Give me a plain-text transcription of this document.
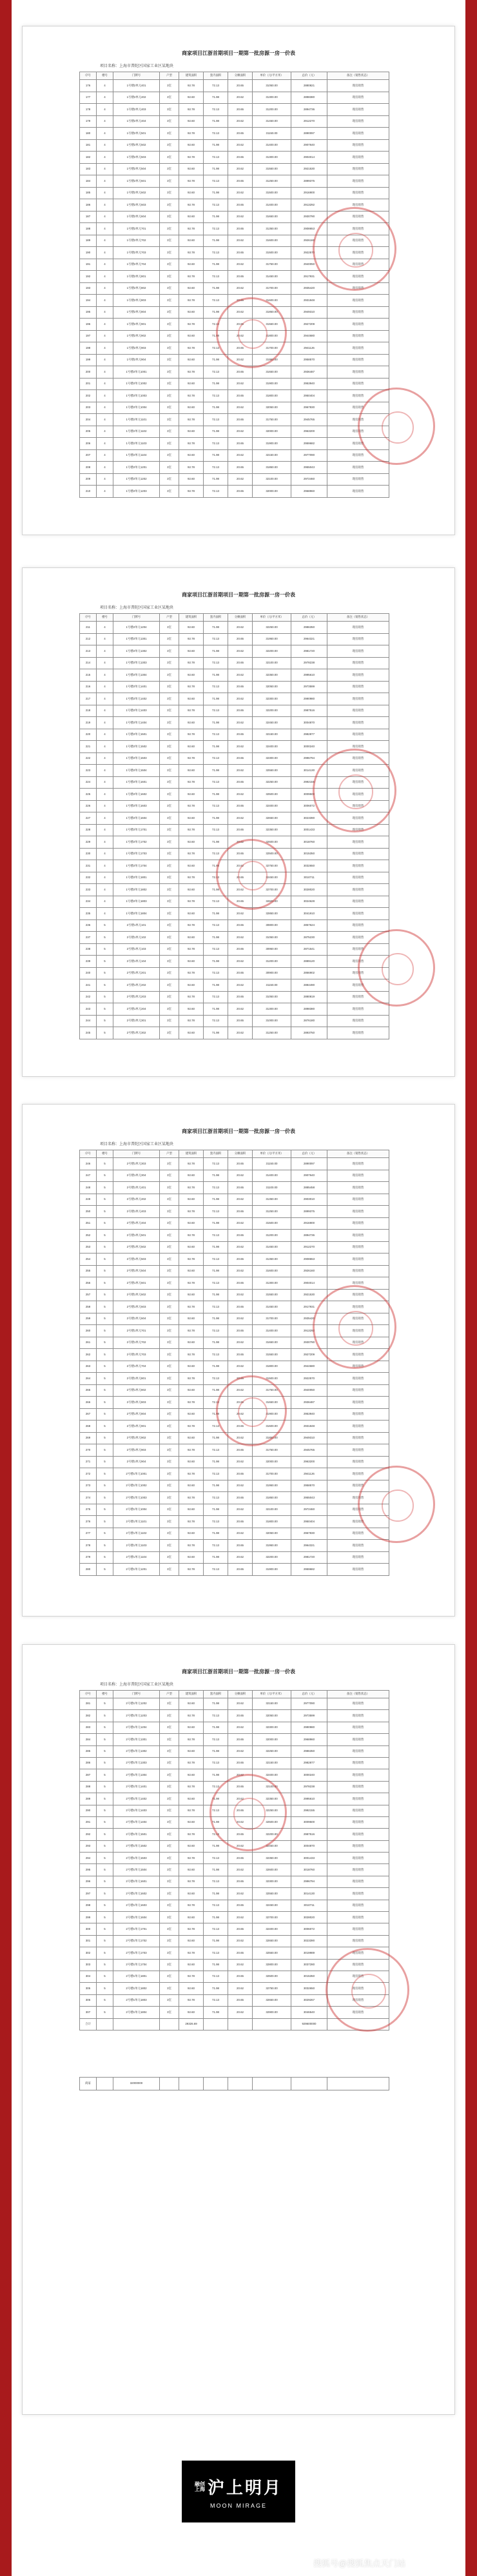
商家项目江浙首期项目一期第一批房源一房一价表
项目名称：上海市普陀区国家工业区某地块
序号	楼号	门牌号	户型	建筑面积	套内面积	分摊面积	单价（元/平方米）	总价（元）	备注（销售状态）
176	4	1号楼2单元401	3室	92.78	72.13	20.65	31050.00	2880821	现房销售
177	4	1号楼2单元402	3室	92.60	71.98	20.62	31300.00	2898380	现房销售
178	4	1号楼2单元403	3室	92.78	72.13	20.65	31200.00	2894736	现房销售
179	4	1号楼2单元404	3室	92.60	71.98	20.62	31450.00	2912270	现房销售
180	4	1号楼2单元501	3室	92.78	72.13	20.65	31150.00	2890097	现房销售
181	4	1号楼2单元502	3室	92.60	71.98	20.62	31400.00	2907640	现房销售
182	4	1号楼2单元503	3室	92.78	72.13	20.65	31300.00	2904014	现房销售
183	4	1号楼2单元504	3室	92.60	71.98	20.62	31550.00	2921530	现房销售
184	4	1号楼2单元601	3室	92.78	72.13	20.65	31250.00	2899375	现房销售
185	4	1号楼2单元602	3室	92.60	71.98	20.62	31500.00	2916900	现房销售
186	4	1号楼2单元603	3室	92.78	72.13	20.65	31400.00	2913292	现房销售
187	4	1号楼2单元604	3室	92.60	71.98	20.62	31650.00	2930790	现房销售
188	4	1号楼2单元701	3室	92.78	72.13	20.65	31350.00	2908653	现房销售
189	4	1号楼2单元702	3室	92.60	71.98	20.62	31600.00	2926160	现房销售
190	4	1号楼2单元703	3室	92.78	72.13	20.65	31500.00	2922570	现房销售
191	4	1号楼2单元704	3室	92.60	71.98	20.62	31750.00	2940050	现房销售
192	4	1号楼2单元801	3室	92.78	72.13	20.65	31450.00	2917931	现房销售
193	4	1号楼2单元802	3室	92.60	71.98	20.62	31700.00	2935420	现房销售
194	4	1号楼2单元803	3室	92.78	72.13	20.65	31600.00	2931848	现房销售
195	4	1号楼2单元804	3室	92.60	71.98	20.62	31850.00	2949310	现房销售
196	4	1号楼2单元901	3室	92.78	72.13	20.65	31550.00	2927209	现房销售
197	4	1号楼2单元902	3室	92.60	71.98	20.62	31800.00	2944680	现房销售
198	4	1号楼2单元903	3室	92.78	72.13	20.65	31700.00	2941126	现房销售
199	4	1号楼2单元904	3室	92.60	71.98	20.62	31950.00	2958570	现房销售
200	4	1号楼2单元1001	3室	92.78	72.13	20.65	31650.00	2936487	现房销售
201	4	1号楼2单元1002	3室	92.60	71.98	20.62	31900.00	2953940	现房销售
202	4	1号楼2单元1003	3室	92.78	72.13	20.65	31800.00	2950404	现房销售
203	4	1号楼2单元1004	3室	92.60	71.98	20.62	32050.00	2967830	现房销售
204	4	1号楼2单元1101	3室	92.78	72.13	20.65	31750.00	2945765	现房销售
205	4	1号楼2单元1102	3室	92.60	71.98	20.62	32000.00	2963200	现房销售
206	4	1号楼2单元1103	3室	92.78	72.13	20.65	31900.00	2959682	现房销售
207	4	1号楼2单元1104	3室	92.60	71.98	20.62	32150.00	2977090	现房销售
208	4	1号楼2单元1201	3室	92.78	72.13	20.65	31850.00	2955043	现房销售
209	4	1号楼2单元1202	3室	92.60	71.98	20.62	32100.00	2972460	现房销售
210	4	1号楼2单元1203	3室	92.78	72.13	20.65	32000.00	2968960	现房销售
商家项目江浙首期项目一期第一批房源一房一价表
项目名称：上海市普陀区国家工业区某地块
序号	楼号	门牌号	户型	建筑面积	套内面积	分摊面积	单价（元/平方米）	总价（元）	备注（销售状态）
211	4	1号楼2单元1204	3室	92.60	71.98	20.62	32250.00	2986350	现房销售
212	4	1号楼2单元1301	3室	92.78	72.13	20.65	31950.00	2964321	现房销售
213	4	1号楼2单元1302	3室	92.60	71.98	20.62	32200.00	2981720	现房销售
214	4	1号楼2单元1303	3室	92.78	72.13	20.65	32100.00	2978238	现房销售
215	4	1号楼2单元1304	3室	92.60	71.98	20.62	32350.00	2995610	现房销售
216	4	1号楼2单元1401	3室	92.78	72.13	20.65	32050.00	2973599	现房销售
217	4	1号楼2单元1402	3室	92.60	71.98	20.62	32300.00	2990980	现房销售
218	4	1号楼2单元1403	3室	92.78	72.13	20.65	32200.00	2987516	现房销售
219	4	1号楼2单元1404	3室	92.60	71.98	20.62	32450.00	3004870	现房销售
220	4	1号楼2单元1501	3室	92.78	72.13	20.65	32150.00	2982877	现房销售
221	4	1号楼2单元1502	3室	92.60	71.98	20.62	32400.00	3000240	现房销售
222	4	1号楼2单元1503	3室	92.78	72.13	20.65	32300.00	2996794	现房销售
223	4	1号楼2单元1504	3室	92.60	71.98	20.62	32550.00	3014130	现房销售
224	4	1号楼2单元1601	3室	92.78	72.13	20.65	32250.00	2992155	现房销售
225	4	1号楼2单元1602	3室	92.60	71.98	20.62	32500.00	3009500	现房销售
226	4	1号楼2单元1603	3室	92.78	72.13	20.65	32400.00	3006072	现房销售
227	4	1号楼2单元1604	3室	92.60	71.98	20.62	32650.00	3023390	现房销售
228	4	1号楼2单元1701	3室	92.78	72.13	20.65	32350.00	3001433	现房销售
229	4	1号楼2单元1702	3室	92.60	71.98	20.62	32600.00	3018760	现房销售
230	4	1号楼2单元1703	3室	92.78	72.13	20.65	32500.00	3015350	现房销售
231	4	1号楼2单元1704	3室	92.60	71.98	20.62	32750.00	3032650	现房销售
232	4	1号楼2单元1801	3室	92.78	72.13	20.65	32450.00	3010711	现房销售
233	4	1号楼2单元1802	3室	92.60	71.98	20.62	32700.00	3028020	现房销售
234	4	1号楼2单元1803	3室	92.78	72.13	20.65	32600.00	3024628	现房销售
235	4	1号楼2单元1804	3室	92.60	71.98	20.62	32850.00	3041910	现房销售
236	5	2号楼1单元101	3室	92.78	72.13	20.65	30800.00	2857624	现房销售
237	5	2号楼1单元102	3室	92.60	71.98	20.62	31050.00	2875230	现房销售
238	5	2号楼1单元103	3室	92.78	72.13	20.65	30950.00	2871541	现房销售
239	5	2号楼1单元104	3室	92.60	71.98	20.62	31200.00	2889120	现房销售
240	5	2号楼1单元201	3室	92.78	72.13	20.65	30900.00	2866902	现房销售
241	5	2号楼1单元202	3室	92.60	71.98	20.62	31150.00	2884490	现房销售
242	5	2号楼1单元203	3室	92.78	72.13	20.65	31050.00	2880819	现房销售
243	5	2号楼1单元204	3室	92.60	71.98	20.62	31300.00	2898380	现房销售
244	5	2号楼1单元301	3室	92.78	72.13	20.65	31000.00	2876180	现房销售
245	5	2号楼1单元302	3室	92.60	71.98	20.62	31250.00	2893750	现房销售
商家项目江浙首期项目一期第一批房源一房一价表
项目名称：上海市普陀区国家工业区某地块
序号	楼号	门牌号	户型	建筑面积	套内面积	分摊面积	单价（元/平方米）	总价（元）	备注（销售状态）
246	5	2号楼1单元303	3室	92.78	72.13	20.65	31150.00	2890097	现房销售
247	5	2号楼1单元304	3室	92.60	71.98	20.62	31400.00	2907640	现房销售
248	5	2号楼1单元401	3室	92.78	72.13	20.65	31100.00	2885458	现房销售
249	5	2号楼1单元402	3室	92.60	71.98	20.62	31350.00	2903010	现房销售
250	5	2号楼1单元403	3室	92.78	72.13	20.65	31250.00	2899375	现房销售
251	5	2号楼1单元404	3室	92.60	71.98	20.62	31500.00	2916900	现房销售
252	5	2号楼1单元501	3室	92.78	72.13	20.65	31200.00	2894736	现房销售
253	5	2号楼1单元502	3室	92.60	71.98	20.62	31450.00	2912270	现房销售
254	5	2号楼1单元503	3室	92.78	72.13	20.65	31350.00	2908653	现房销售
255	5	2号楼1单元504	3室	92.60	71.98	20.62	31600.00	2926160	现房销售
256	5	2号楼1单元601	3室	92.78	72.13	20.65	31300.00	2904014	现房销售
257	5	2号楼1单元602	3室	92.60	71.98	20.62	31550.00	2921530	现房销售
258	5	2号楼1单元603	3室	92.78	72.13	20.65	31450.00	2917931	现房销售
259	5	2号楼1单元604	3室	92.60	71.98	20.62	31700.00	2935420	现房销售
260	5	2号楼1单元701	3室	92.78	72.13	20.65	31400.00	2913292	现房销售
261	5	2号楼1单元702	3室	92.60	71.98	20.62	31650.00	2930790	现房销售
262	5	2号楼1单元703	3室	92.78	72.13	20.65	31550.00	2927209	现房销售
263	5	2号楼1单元704	3室	92.60	71.98	20.62	31800.00	2944680	现房销售
264	5	2号楼1单元801	3室	92.78	72.13	20.65	31500.00	2922570	现房销售
265	5	2号楼1单元802	3室	92.60	71.98	20.62	31750.00	2940050	现房销售
266	5	2号楼1单元803	3室	92.78	72.13	20.65	31650.00	2936487	现房销售
267	5	2号楼1单元804	3室	92.60	71.98	20.62	31900.00	2953940	现房销售
268	5	2号楼1单元901	3室	92.78	72.13	20.65	31600.00	2931848	现房销售
269	5	2号楼1单元902	3室	92.60	71.98	20.62	31850.00	2949310	现房销售
270	5	2号楼1单元903	3室	92.78	72.13	20.65	31750.00	2945765	现房销售
271	5	2号楼1单元904	3室	92.60	71.98	20.62	32000.00	2963200	现房销售
272	5	2号楼1单元1001	3室	92.78	72.13	20.65	31700.00	2941126	现房销售
273	5	2号楼1单元1002	3室	92.60	71.98	20.62	31950.00	2958570	现房销售
274	5	2号楼1单元1003	3室	92.78	72.13	20.65	31850.00	2955043	现房销售
275	5	2号楼1单元1004	3室	92.60	71.98	20.62	32100.00	2972460	现房销售
276	5	2号楼1单元1101	3室	92.78	72.13	20.65	31800.00	2950404	现房销售
277	5	2号楼1单元1102	3室	92.60	71.98	20.62	32050.00	2967830	现房销售
278	5	2号楼1单元1103	3室	92.78	72.13	20.65	31950.00	2964321	现房销售
279	5	2号楼1单元1104	3室	92.60	71.98	20.62	32200.00	2981720	现房销售
280	5	2号楼1单元1201	3室	92.78	72.13	20.65	31900.00	2959682	现房销售
商家项目江浙首期项目一期第一批房源一房一价表
项目名称：上海市普陀区国家工业区某地块
序号	楼号	门牌号	户型	建筑面积	套内面积	分摊面积	单价（元/平方米）	总价（元）	备注（销售状态）
281	5	2号楼1单元1202	3室	92.60	71.98	20.62	32150.00	2977090	现房销售
282	5	2号楼1单元1203	3室	92.78	72.13	20.65	32050.00	2973599	现房销售
283	5	2号楼1单元1204	3室	92.60	71.98	20.62	32300.00	2990980	现房销售
284	5	2号楼1单元1301	3室	92.78	72.13	20.65	32000.00	2968960	现房销售
285	5	2号楼1单元1302	3室	92.60	71.98	20.62	32250.00	2986350	现房销售
286	5	2号楼1单元1303	3室	92.78	72.13	20.65	32150.00	2982877	现房销售
287	5	2号楼1单元1304	3室	92.60	71.98	20.62	32400.00	3000240	现房销售
288	5	2号楼1单元1401	3室	92.78	72.13	20.65	32100.00	2978238	现房销售
289	5	2号楼1单元1402	3室	92.60	71.98	20.62	32350.00	2995610	现房销售
290	5	2号楼1单元1403	3室	92.78	72.13	20.65	32250.00	2992155	现房销售
291	5	2号楼1单元1404	3室	92.60	71.98	20.62	32500.00	3009500	现房销售
292	5	2号楼1单元1501	3室	92.78	72.13	20.65	32200.00	2987516	现房销售
293	5	2号楼1单元1502	3室	92.60	71.98	20.62	32450.00	3004870	现房销售
294	5	2号楼1单元1503	3室	92.78	72.13	20.65	32350.00	3001433	现房销售
295	5	2号楼1单元1504	3室	92.60	71.98	20.62	32600.00	3018760	现房销售
296	5	2号楼1单元1601	3室	92.78	72.13	20.65	32300.00	2996794	现房销售
297	5	2号楼1单元1602	3室	92.60	71.98	20.62	32550.00	3014130	现房销售
298	5	2号楼1单元1603	3室	92.78	72.13	20.65	32450.00	3010711	现房销售
299	5	2号楼1单元1604	3室	92.60	71.98	20.62	32700.00	3028020	现房销售
300	5	2号楼1单元1701	3室	92.78	72.13	20.65	32400.00	3006072	现房销售
301	5	2号楼1单元1702	3室	92.60	71.98	20.62	32650.00	3023390	现房销售
302	5	2号楼1单元1703	3室	92.78	72.13	20.65	32550.00	3019989	现房销售
303	5	2号楼1单元1704	3室	92.60	71.98	20.62	32800.00	3037280	现房销售
304	5	2号楼1单元1801	3室	92.78	72.13	20.65	32500.00	3015350	现房销售
305	5	2号楼1单元1802	3室	92.60	71.98	20.62	32750.00	3032650	现房销售
306	5	2号楼1单元1803	3室	92.78	72.13	20.65	32650.00	3029267	现房销售
307	5	2号楼1单元1804	3室	92.60	71.98	20.62	32900.00	3046540	现房销售
合计				29326.69				929600000	
商家		32000000							
融创
上海 沪上明月
MOON MIRAGE
搜狐号@搜狐焦点天门站
